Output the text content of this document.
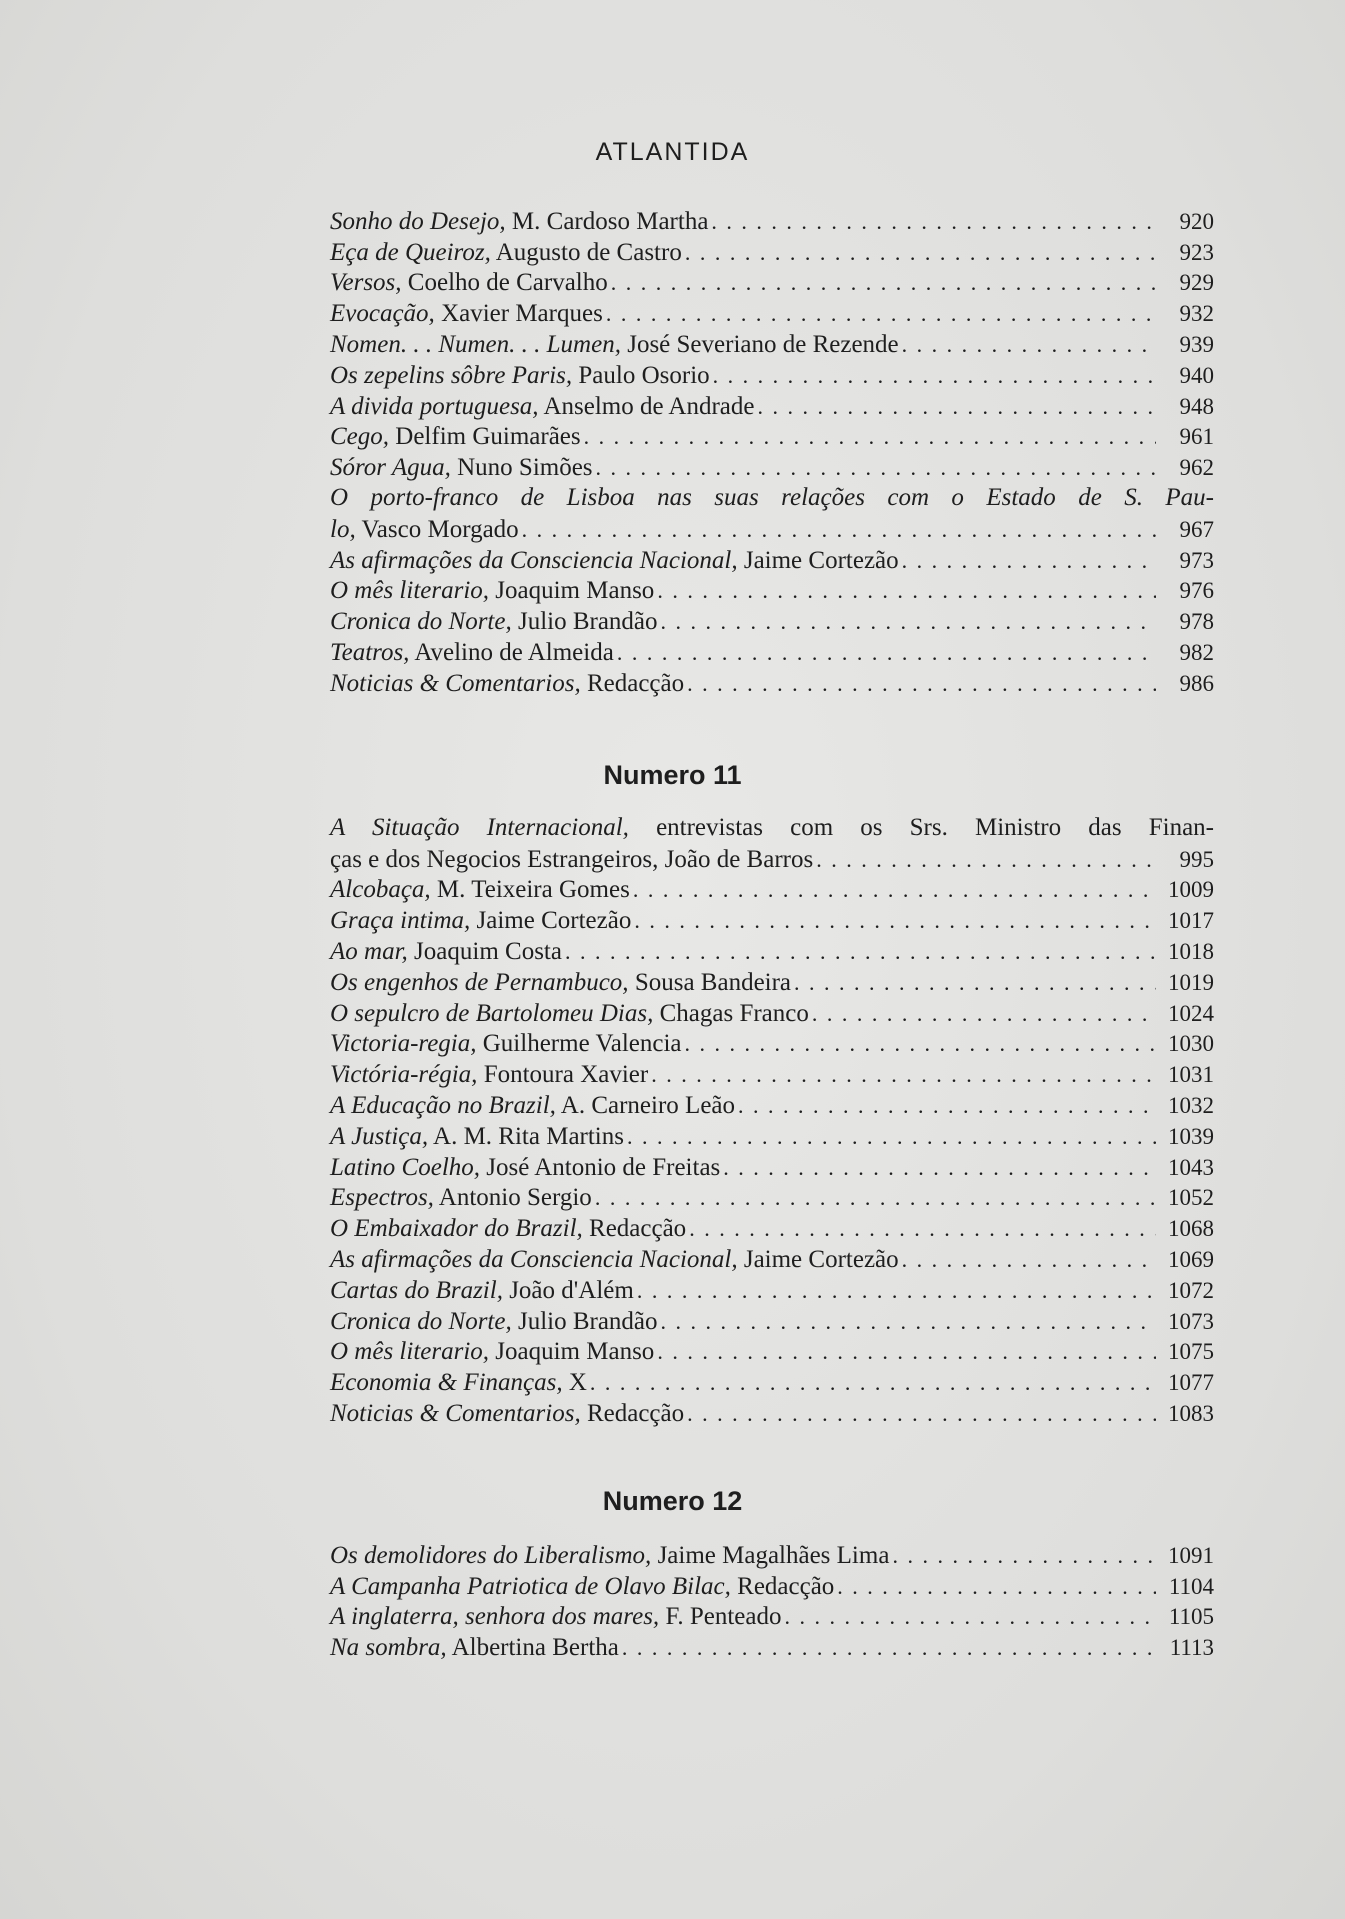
ATLANTIDA
Sonho do Desejo, M. Cardoso Martha . . .	920
Eça de Queiroz, Augusto de Castro . . .	923
Versos, Coelho de Carvalho . . .	929
Evocação, Xavier Marques . . .	932
Nomen. . . Numen. . . Lumen, José Severiano de Rezende . . .	939
Os zepelins sôbre Paris, Paulo Osorio . . .	940
A divida portuguesa, Anselmo de Andrade . . .	948
Cego, Delfim Guimarães . . .	961
Sóror Agua, Nuno Simões . . .	962
O porto-franco de Lisboa nas suas relações com o Estado de S. Pau-
lo, Vasco Morgado . . .	967
As afirmações da Consciencia Nacional, Jaime Cortezão . . .	973
O mês literario, Joaquim Manso . . .	976
Cronica do Norte, Julio Brandão . . .	978
Teatros, Avelino de Almeida . . .	982
Noticias & Comentarios, Redacção . . .	986
Numero 11
A Situação Internacional, entrevistas com os Srs. Ministro das Finan-
ças e dos Negocios Estrangeiros, João de Barros . . .	995
Alcobaça, M. Teixeira Gomes . . .	1009
Graça intima, Jaime Cortezão . . .	1017
Ao mar, Joaquim Costa . . .	1018
Os engenhos de Pernambuco, Sousa Bandeira . . .	1019
O sepulcro de Bartolomeu Dias, Chagas Franco . . .	1024
Victoria-regia, Guilherme Valencia . . .	1030
Victória-régia, Fontoura Xavier . . .	1031
A Educação no Brazil, A. Carneiro Leão . . .	1032
A Justiça, A. M. Rita Martins . . .	1039
Latino Coelho, José Antonio de Freitas . . .	1043
Espectros, Antonio Sergio . . .	1052
O Embaixador do Brazil, Redacção . . .	1068
As afirmações da Consciencia Nacional, Jaime Cortezão . . .	1069
Cartas do Brazil, João d'Além . . .	1072
Cronica do Norte, Julio Brandão . . .	1073
O mês literario, Joaquim Manso . . .	1075
Economia & Finanças, X . . .	1077
Noticias & Comentarios, Redacção . . .	1083
Numero 12
Os demolidores do Liberalismo, Jaime Magalhães Lima . . .	1091
A Campanha Patriotica de Olavo Bilac, Redacção . . .	1104
A inglaterra, senhora dos mares, F. Penteado . . .	1105
Na sombra, Albertina Bertha . . .	1113
